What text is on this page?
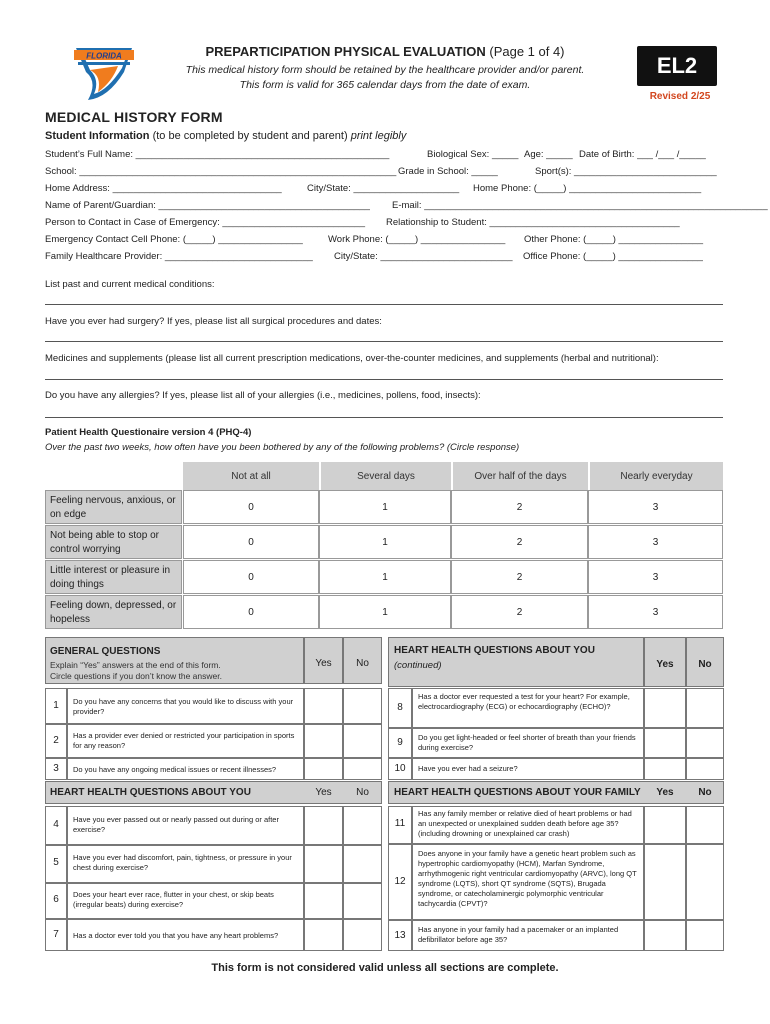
FLORIDA	PREPARTICIPATION PHYSICAL EVALUATION (Page 1 of 4)
This medical history form should be retained by the healthcare provider and/or parent.
This form is valid for 365 calendar days from the date of exam.
EL2
Revised 2/25
MEDICAL HISTORY FORM
Student Information (to be completed by student and parent) print legibly
Student’s Full Name: ________________________________________________	Biological Sex: _____ Age: _____ Date of Birth: ___ /___ /_____
School: ____________________________________________________________ Grade in School: _____	Sport(s): ___________________________
Home Address: ________________________________	City/State: ____________________ Home Phone: (_____) _________________________
Name of Parent/Guardian: ________________________________________ E-mail: _________________________________________________________________
Person to Contact in Case of Emergency: ___________________________ Relationship to Student: ____________________________________
Emergency Contact Cell Phone: (_____) ________________	Work Phone: (_____) ________________ Other Phone: (_____) ________________
Family Healthcare Provider: ____________________________ City/State: _________________________ Office Phone: (_____) ________________
List past and current medical conditions:
Have you ever had surgery? If yes, please list all surgical procedures and dates:
Medicines and supplements (please list all current prescription medications, over-the-counter medicines, and supplements (herbal and nutritional):
Do you have any allergies? If yes, please list all of your allergies (i.e., medicines, pollens, food, insects):
Patient Health Questionaire version 4 (PHQ-4)
Over the past two weeks, how often have you been bothered by any of the following problems? (Circle response)
Not at all	Several days	Over half of the days	Nearly everyday
Feeling nervous, anxious, or on edge
0	1	2	3
Not being able to stop or control worrying
0	1	2	3
Little interest or pleasure in doing things
0	1	2	3
Feeling down, depressed, or hopeless
0	1	2	3
GENERAL QUESTIONS
Explain “Yes” answers at the end of this form.
Circle questions if you don’t know the answer.
Yes	No
1	Do you have any concerns that you would like to discuss with your provider?
2	Has a provider ever denied or restricted your participation in sports for any reason?
3	Do you have any ongoing medical issues or recent illnesses?
HEART HEALTH QUESTIONS ABOUT YOU	Yes	No
4	Have you ever passed out or nearly passed out during or after exercise?
5	Have you ever had discomfort, pain, tightness, or pressure in your chest during exercise?
6	Does your heart ever race, flutter in your chest, or skip beats (irregular beats) during exercise?
7	Has a doctor ever told you that you have any heart problems?
HEART HEALTH QUESTIONS ABOUT YOU
(continued)	Yes	No
8
Has a doctor ever requested a test for your heart? For example, electrocardiography (ECG) or echocardiography (ECHO)?
9	Do you get light-headed or feel shorter of breath than your friends during exercise?
10	Have you ever had a seizure?
HEART HEALTH QUESTIONS ABOUT YOUR FAMILY	Yes	No
11
Has any family member or relative died of heart problems or had an unexpected or unexplained sudden death before age 35? (including drowning or unexplained car crash)
12
Does anyone in your family have a genetic heart problem such as hypertrophic cardiomyopathy (HCM), Marfan Syndrome, arrhythmogenic right ventricular cardiomyopathy (ARVC), long QT syndrome (LQTS), short QT syndrome (SQTS), Brugada syndrome, or catecholaminergic polymorphic ventricular tachycardia (CPVT)?
13
Has anyone in your family had a pacemaker or an implanted defibrillator before age 35?
This form is not considered valid unless all sections are complete.
